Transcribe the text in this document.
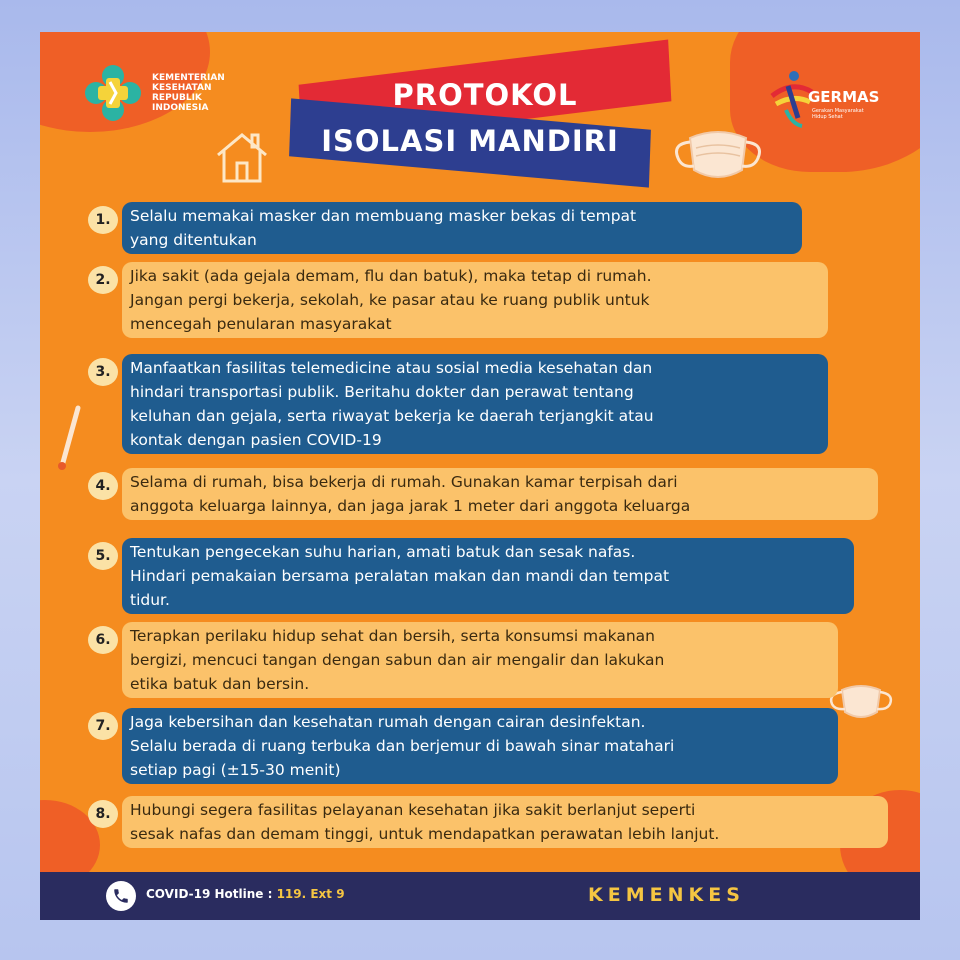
KEMENTERIAN
KESEHATAN
REPUBLIK
INDONESIA
GERMAS
Gerakan Masyarakat Hidup Sehat
PROTOKOL
ISOLASI MANDIRI
1.	Selalu memakai masker dan membuang masker bekas di tempat
yang ditentukan
2.	Jika sakit (ada gejala demam, flu dan batuk), maka tetap di rumah.
Jangan pergi bekerja, sekolah, ke pasar atau ke ruang publik untuk
mencegah penularan masyarakat
3.	Manfaatkan fasilitas telemedicine atau sosial media kesehatan dan
hindari transportasi publik. Beritahu dokter dan perawat tentang
keluhan dan gejala, serta riwayat bekerja ke daerah terjangkit atau
kontak dengan pasien COVID-19
4.	Selama di rumah, bisa bekerja di rumah. Gunakan kamar terpisah dari
anggota keluarga lainnya, dan jaga jarak 1 meter dari anggota keluarga
5.	Tentukan pengecekan suhu harian, amati batuk dan sesak nafas.
Hindari pemakaian bersama peralatan makan dan mandi dan tempat
tidur.
6.	Terapkan perilaku hidup sehat dan bersih, serta konsumsi makanan
bergizi, mencuci tangan dengan sabun dan air mengalir dan lakukan
etika batuk dan bersin.
7.	Jaga kebersihan dan kesehatan rumah dengan cairan desinfektan.
Selalu berada di ruang terbuka dan berjemur di bawah sinar matahari
setiap pagi (±15-30 menit)
8.	Hubungi segera fasilitas pelayanan kesehatan jika sakit berlanjut seperti
sesak nafas dan demam tinggi, untuk mendapatkan perawatan lebih lanjut.
COVID-19 Hotline : 119. Ext 9	KEMENKES
